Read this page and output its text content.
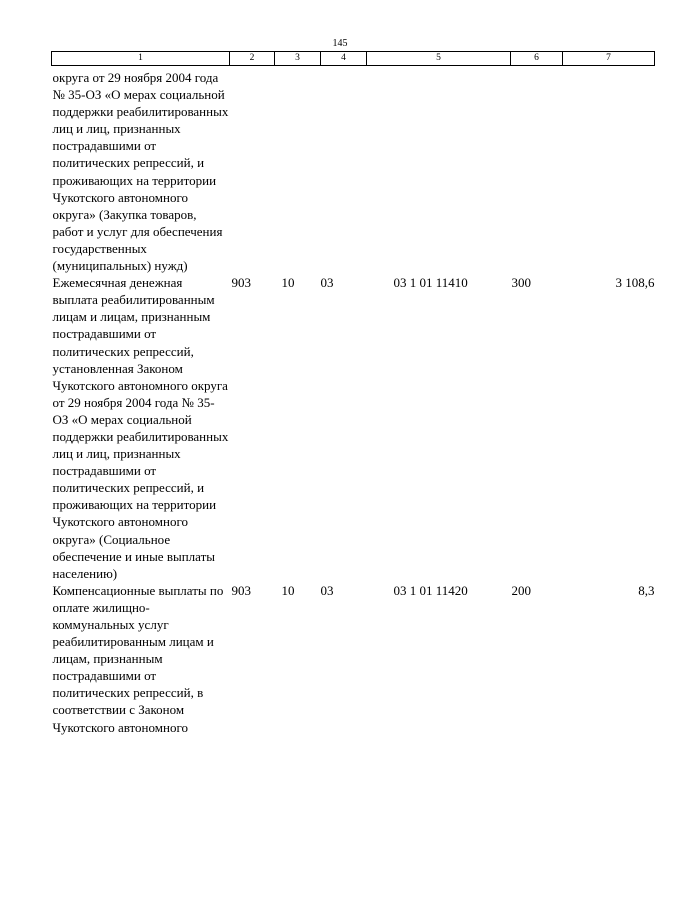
145
1	2	3	4	5	6	7
округа от 29 ноября 2004 года № 35-ОЗ «О мерах социальной поддержки реабилитированных лиц и лиц, признанных пострадавшими от политических репрессий, и проживающих на территории Чукотского автономного округа» (Закупка товаров, работ и услуг для обеспечения государственных (муниципальных) нужд)						
Ежемесячная денежная выплата реабилитированным лицам и лицам, признанным пострадавшими от политических репрессий, установленная Законом Чукотского автономного округа от 29 ноября 2004 года № 35-ОЗ «О мерах социальной поддержки реабилитированных лиц и лиц, признанных пострадавшими от политических репрессий, и проживающих на территории Чукотского автономного округа» (Социальное обеспечение и иные выплаты населению)	903	10	03	03 1 01 11410	300	3 108,6
Компенсационные выплаты по оплате жилищно-коммунальных услуг реабилитированным лицам и лицам, признанным пострадавшими от политических репрессий, в соответствии с Законом Чукотского автономного	903	10	03	03 1 01 11420	200	8,3
